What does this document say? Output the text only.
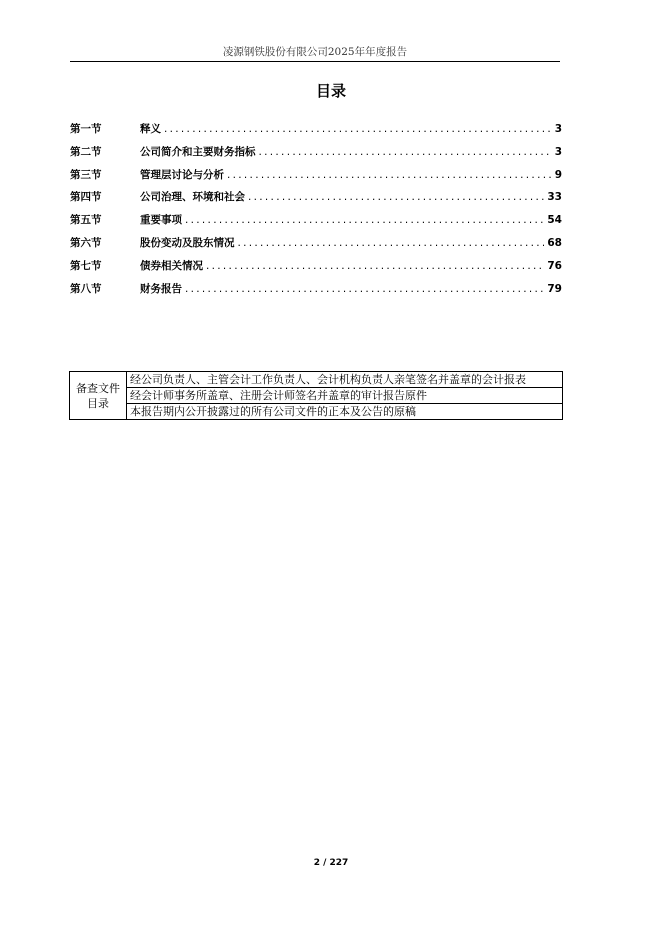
凌源钢铁股份有限公司2025年年度报告
目录
第一节	释义 .....	3
第二节	公司简介和主要财务指标 .....	3
第三节	管理层讨论与分析 .....	9
第四节	公司治理、环境和社会 .....	33
第五节	重要事项 .....	54
第六节	股份变动及股东情况 .....	68
第七节	债券相关情况 .....	76
第八节	财务报告 .....	79
备查文件目录	经公司负责人、主管会计工作负责人、会计机构负责人亲笔签名并盖章的会计报表
经会计师事务所盖章、注册会计师签名并盖章的审计报告原件
本报告期内公开披露过的所有公司文件的正本及公告的原稿
2 / 227
